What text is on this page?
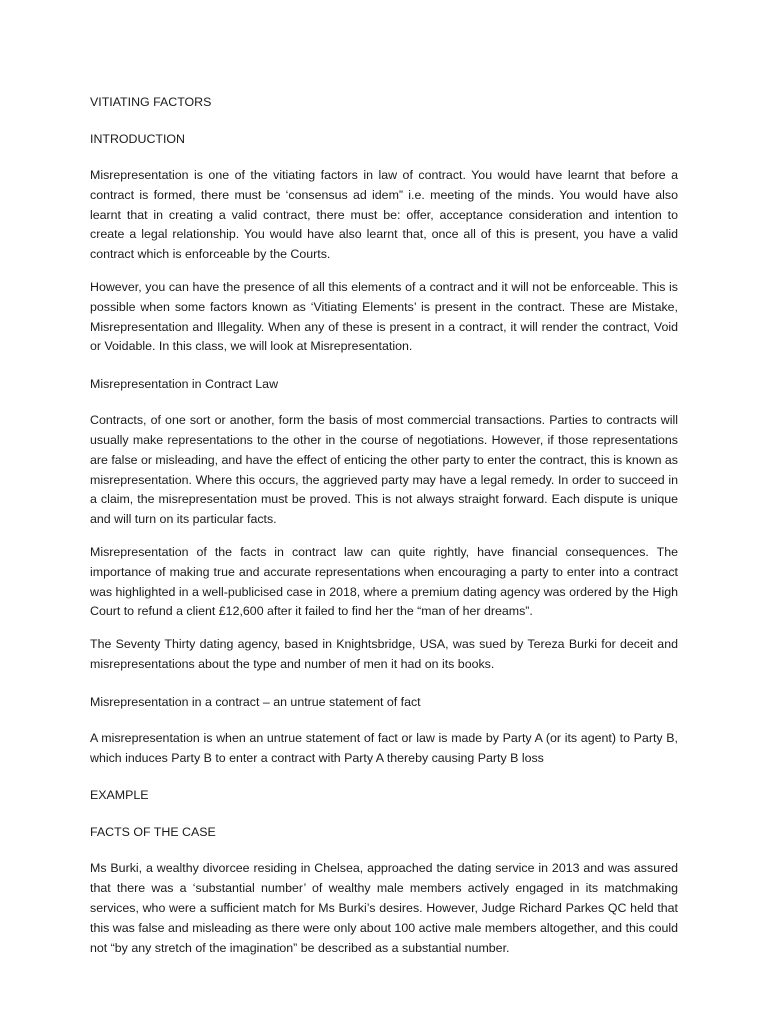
VITIATING FACTORS
INTRODUCTION

Misrepresentation is one of the vitiating factors in law of contract. You would have learnt that before a contract is formed, there must be ‘consensus ad idem” i.e. meeting of the minds. You would have also learnt that in creating a valid contract, there must be: offer, acceptance consideration and intention to create a legal relationship. You would have also learnt that, once all of this is present, you have a valid contract which is enforceable by the Courts.

However, you can have the presence of all this elements of a contract and it will not be enforceable. This is possible when some factors known as ‘Vitiating Elements’ is present in the contract. These are Mistake, Misrepresentation and Illegality. When any of these is present in a contract, it will render the contract, Void or Voidable. In this class, we will look at Misrepresentation.

Misrepresentation in Contract Law

Contracts, of one sort or another, form the basis of most commercial transactions. Parties to contracts will usually make representations to the other in the course of negotiations. However, if those representations are false or misleading, and have the effect of enticing the other party to enter the contract, this is known as misrepresentation. Where this occurs, the aggrieved party may have a legal remedy. In order to succeed in a claim, the misrepresentation must be proved. This is not always straight forward. Each dispute is unique and will turn on its particular facts.

Misrepresentation of the facts in contract law can quite rightly, have financial consequences. The importance of making true and accurate representations when encouraging a party to enter into a contract was highlighted in a well-publicised case in 2018, where a premium dating agency was ordered by the High Court to refund a client £12,600 after it failed to find her the “man of her dreams”.

The Seventy Thirty dating agency, based in Knightsbridge, USA, was sued by Tereza Burki for deceit and misrepresentations about the type and number of men it had on its books.

Misrepresentation in a contract – an untrue statement of fact

A misrepresentation is when an untrue statement of fact or law is made by Party A (or its agent) to Party B, which induces Party B to enter a contract with Party A thereby causing Party B loss

EXAMPLE
FACTS OF THE CASE

Ms Burki, a wealthy divorcee residing in Chelsea, approached the dating service in 2013 and was assured that there was a ‘substantial number’ of wealthy male members actively engaged in its matchmaking services, who were a sufficient match for Ms Burki’s desires. However, Judge Richard Parkes QC held that this was false and misleading as there were only about 100 active male members altogether, and this could not “by any stretch of the imagination” be described as a substantial number.
